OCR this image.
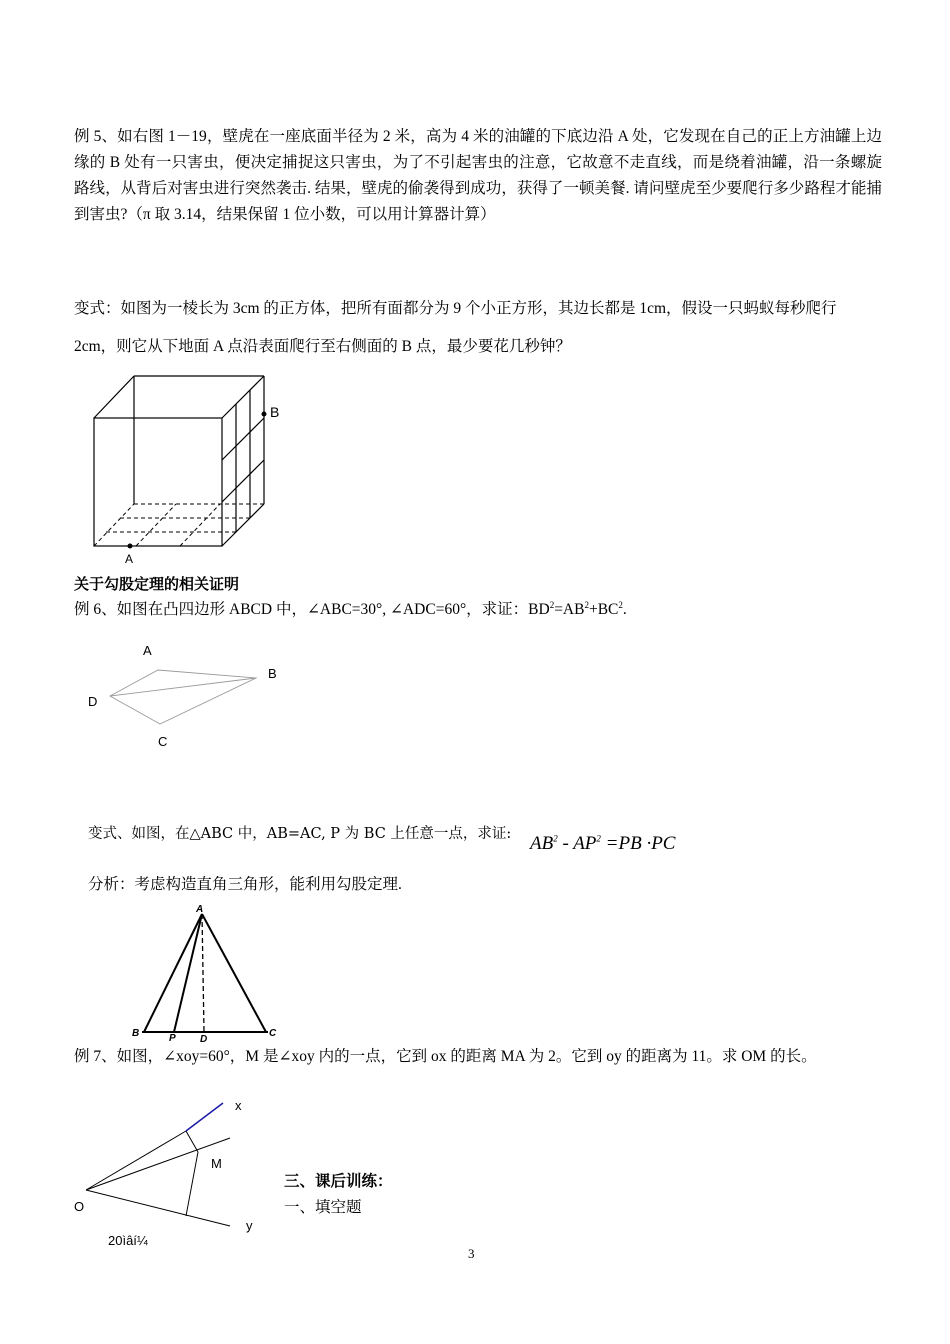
例 5、如右图 1－19，壁虎在一座底面半径为 2 米，高为 4 米的油罐的下底边沿 A 处，它发现在自己的正上方油罐上边缘的 B 处有一只害虫，便决定捕捉这只害虫，为了不引起害虫的注意，它故意不走直线，而是绕着油罐，沿一条螺旋路线，从背后对害虫进行突然袭击. 结果，壁虎的偷袭得到成功，获得了一顿美餐. 请问壁虎至少要爬行多少路程才能捕到害虫?（π 取 3.14，结果保留 1 位小数，可以用计算器计算）
变式：如图为一棱长为 3cm 的正方体，把所有面都分为 9 个小正方形，其边长都是 1cm，假设一只蚂蚁每秒爬行 2cm，则它从下地面 A 点沿表面爬行至右侧面的 B 点，最少要花几秒钟？
B
A
关于勾股定理的相关证明
例 6、如图在凸四边形 ABCD 中，∠ABC=30°, ∠ADC=60°，求证：$BD^2=AB^2+BC^2$.
A
B
D
C
变式、如图，在△ABC 中，AB=AC, P 为 BC 上任意一点，求证: $AB^2 - AP^2 =PB \cdot PC$
分析：考虑构造直角三角形，能利用勾股定理.
A
B	P D
C
例 7、如图，∠xoy=60°，M 是∠xoy 内的一点，它到 ox 的距离 MA 为 2。它到 oy 的距离为 11。求 OM 的长。
x
M
O
y
20ìâí¼
三、课后训练：
一、填空题
3
